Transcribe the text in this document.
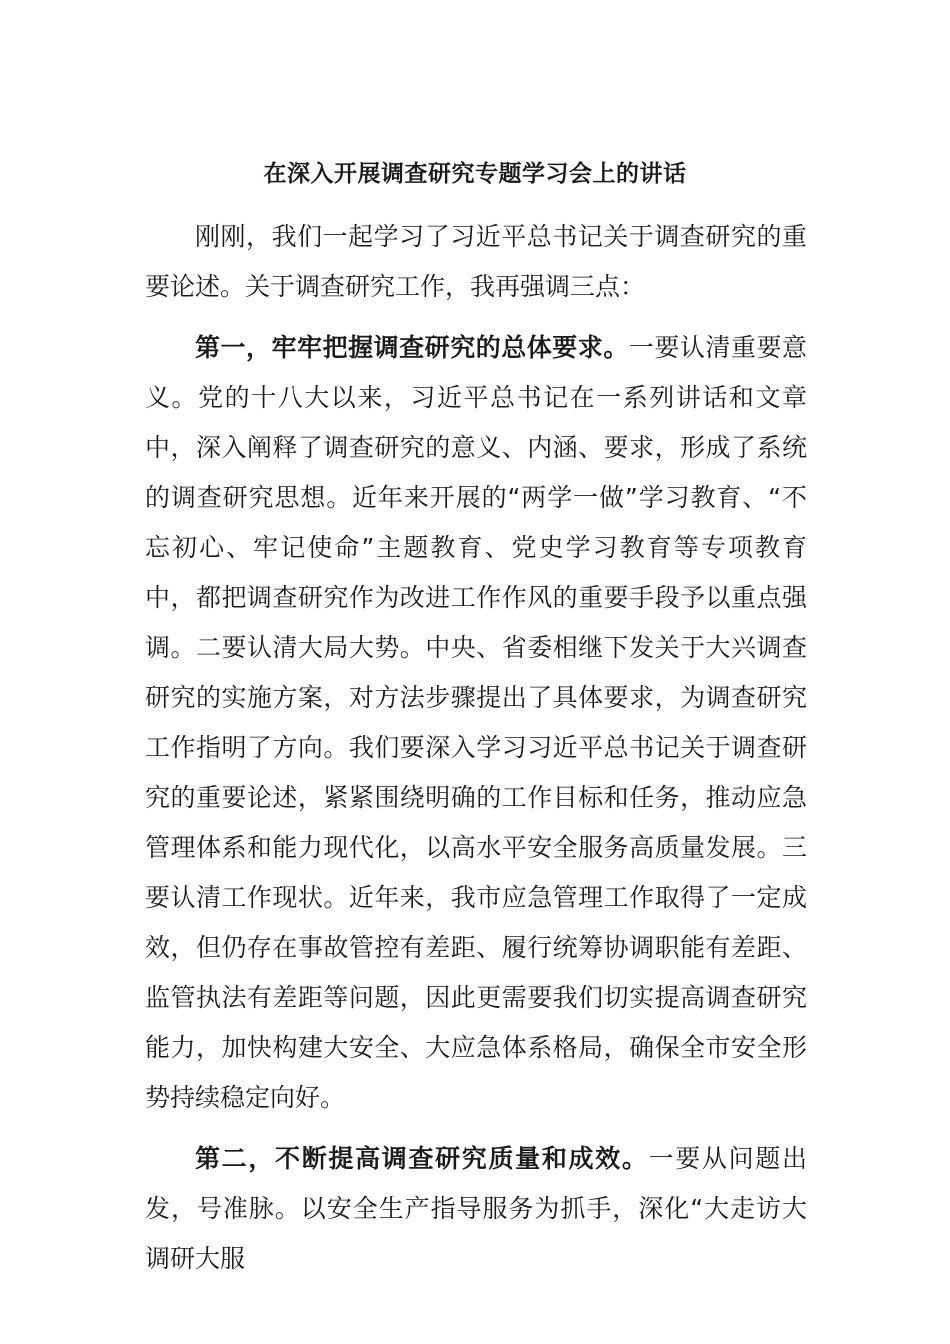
在深入开展调查研究专题学习会上的讲话

刚刚，我们一起学习了习近平总书记关于调查研究的重要论述。关于调查研究工作，我再强调三点：

第一，牢牢把握调查研究的总体要求。一要认清重要意义。党的十八大以来，习近平总书记在一系列讲话和文章中，深入阐释了调查研究的意义、内涵、要求，形成了系统的调查研究思想。近年来开展的“两学一做”学习教育、“不忘初心、牢记使命”主题教育、党史学习教育等专项教育中，都把调查研究作为改进工作作风的重要手段予以重点强调。二要认清大局大势。中央、省委相继下发关于大兴调查研究的实施方案，对方法步骤提出了具体要求，为调查研究工作指明了方向。我们要深入学习习近平总书记关于调查研究的重要论述，紧紧围绕明确的工作目标和任务，推动应急管理体系和能力现代化，以高水平安全服务高质量发展。三要认清工作现状。近年来，我市应急管理工作取得了一定成效，但仍存在事故管控有差距、履行统筹协调职能有差距、监管执法有差距等问题，因此更需要我们切实提高调查研究能力，加快构建大安全、大应急体系格局，确保全市安全形势持续稳定向好。

第二，不断提高调查研究质量和成效。一要从问题出发，号准脉。以安全生产指导服务为抓手，深化“大走访大调研大服
